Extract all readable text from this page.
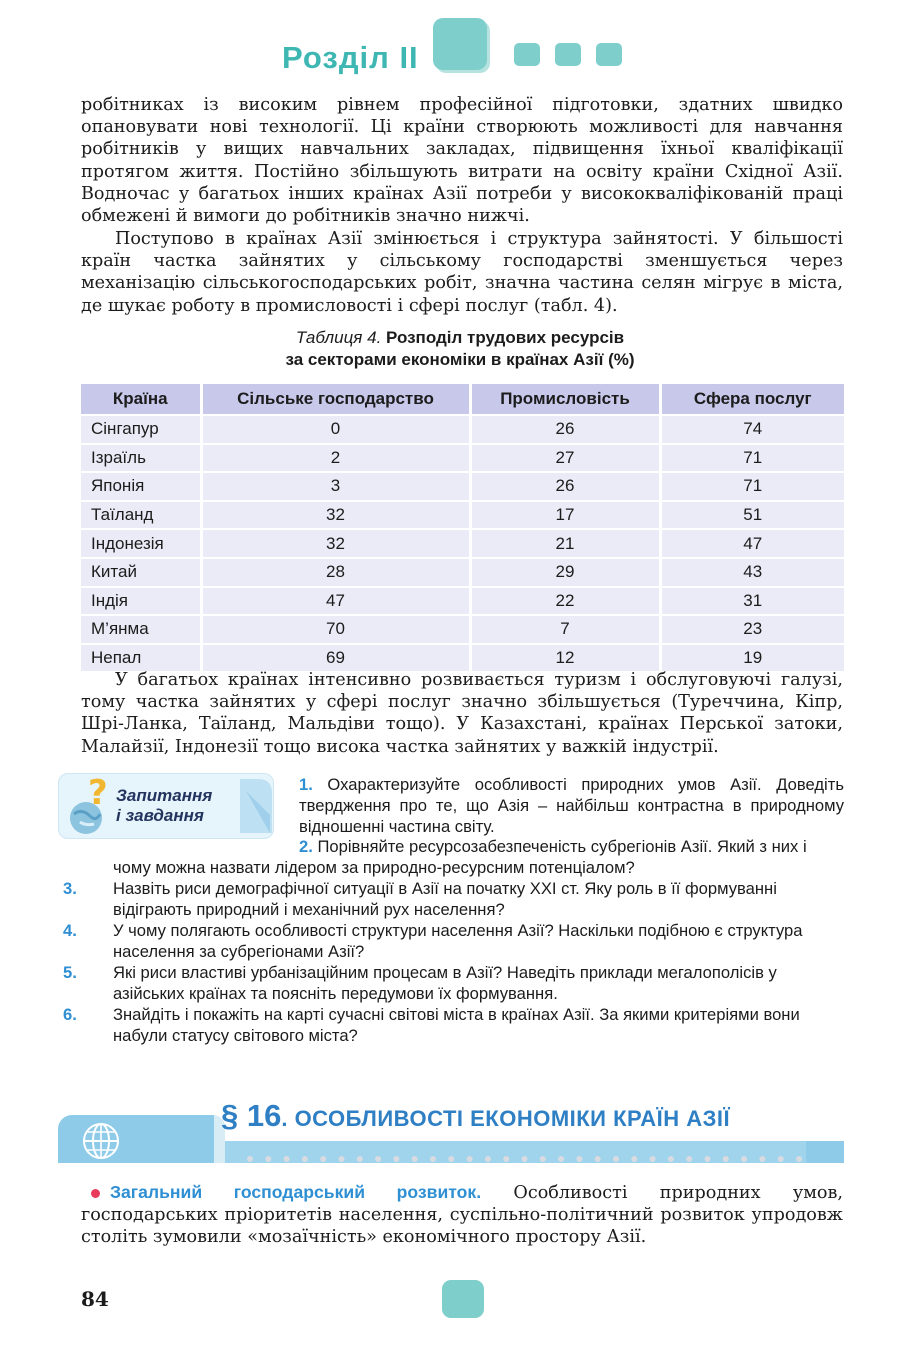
Розділ ІІ

робітниках із високим рівнем професійної підготовки, здатних швидко опановувати нові технології. Ці країни створюють можливості для навчання робітників у вищих навчальних закладах, підвищення їхньої кваліфікації протягом життя. Постійно збільшують витрати на освіту країни Східної Азії. Водночас у багатьох інших країнах Азії потреби у висококваліфікованій праці обмежені й вимоги до робітників значно нижчі.

Поступово в країнах Азії змінюється і структура зайнятості. У більшості країн частка зайнятих у сільському господарстві зменшується через механізацію сільськогосподарських робіт, значна частина селян мігрує в міста, де шукає роботу в промисловості і сфері послуг (табл. 4).

Таблиця 4. Розподіл трудових ресурсів
за секторами економіки в країнах Азії (%)
Країна	Сільське господарство	Промисловість	Сфера послуг
Сінгапур	0	26	74
Ізраїль	2	27	71
Японія	3	26	71
Таїланд	32	17	51
Індонезія	32	21	47
Китай	28	29	43
Індія	47	22	31
М’янма	70	7	23
Непал	69	12	19

У багатьох країнах інтенсивно розвивається туризм і обслуговуючі галузі, тому частка зайнятих у сфері послуг значно збільшується (Туреччина, Кіпр, Шрі-Ланка, Таїланд, Мальдіви тощо). У Казахстані, країнах Перської затоки, Малайзії, Індонезії тощо висока частка зайнятих у важкій індустрії.

? Запитання
і завдання

1. Охарактеризуйте особливості природних умов Азії. Доведіть твердження про те, що Азія – найбільш контрастна в природному відношенні частина світу.

2. Порівняйте ресурсозабезпеченість субрегіонів Азії. Який з них і чому можна назвати лідером за природно-ресурсним потенціалом?

3. Назвіть риси демографічної ситуації в Азії на початку XXI ст. Яку роль в її формуванні відіграють природний і механічний рух населення?

4. У чому полягають особливості структури населення Азії? Наскільки подібною є структура населення за субрегіонами Азії?

5. Які риси властиві урбанізаційним процесам в Азії? Наведіть приклади мегалополісів у азійських країнах та поясніть передумови їх формування.

6. Знайдіть і покажіть на карті сучасні світові міста в країнах Азії. За якими критеріями вони набули статусу світового міста?

§ 16. ОСОБЛИВОСТІ ЕКОНОМІКИ КРАЇН АЗІЇ

Загальний господарський розвиток. Особливості природних умов, господарських пріоритетів населення, суспільно-політичний розвиток упродовж століть зумовили «мозаїчність» економічного простору Азії.

84
